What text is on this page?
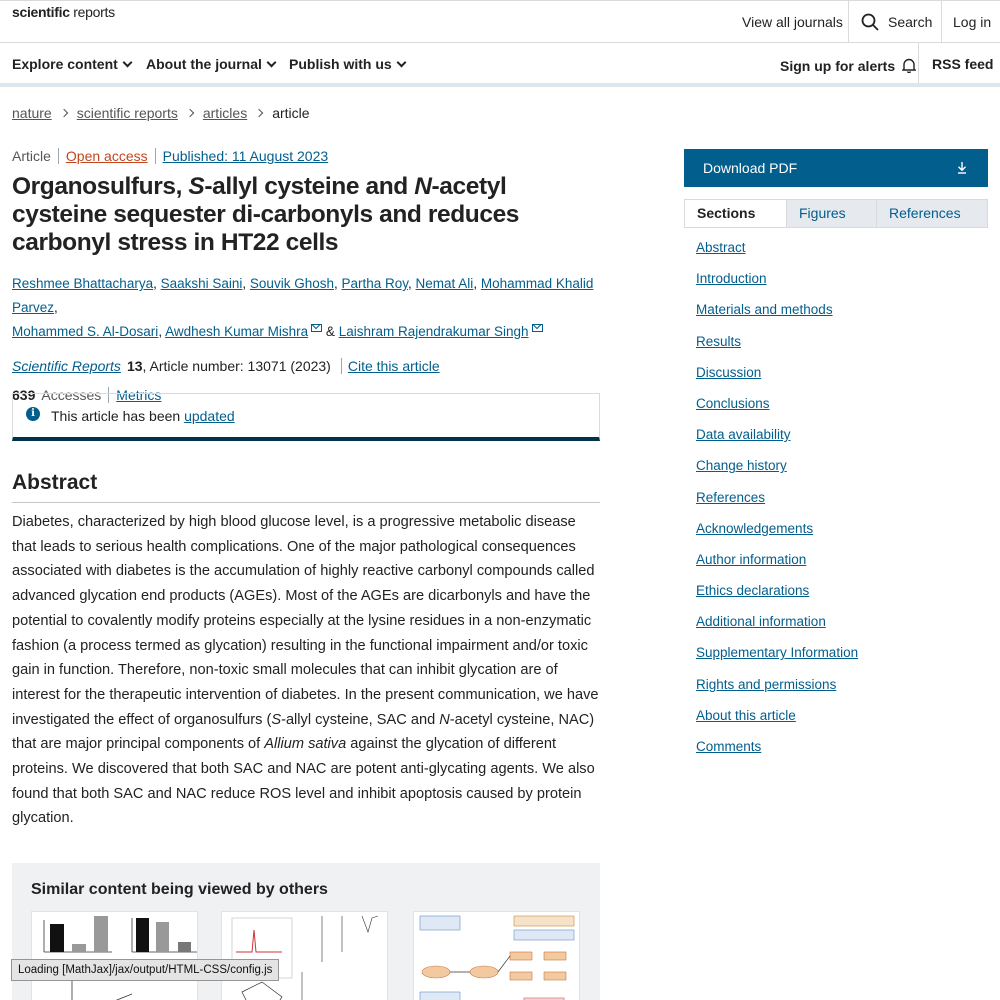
scientific reports
View all journals	Search Log in
Explore content	About the journal	Publish with us	Sign up for alerts	RSS feed
nature scientific reports articles article
Article Open access Published: 11 August 2023
Organosulfurs, S-allyl cysteine and N-acetyl cysteine sequester di-carbonyls and reduces carbonyl stress in HT22 cells
Reshmee Bhattacharya, Saakshi Saini, Souvik Ghosh, Partha Roy, Nemat Ali, Mohammad Khalid Parvez,
Mohammed S. Al-Dosari, Awdhesh Kumar Mishra & Laishram Rajendrakumar Singh
Scientific Reports 13 , Article number: 13071 (2023) Cite this article
639 Accesses Metrics
i	This article has been updated
Abstract

Diabetes, characterized by high blood glucose level, is a progressive metabolic disease that leads to serious health complications. One of the major pathological consequences associated with diabetes is the accumulation of highly reactive carbonyl compounds called advanced glycation end products (AGEs). Most of the AGEs are dicarbonyls and have the potential to covalently modify proteins especially at the lysine residues in a non-enzymatic fashion (a process termed as glycation) resulting in the functional impairment and/or toxic gain in function. Therefore, non-toxic small molecules that can inhibit glycation are of interest for the therapeutic intervention of diabetes. In the present communication, we have investigated the effect of organosulfurs (S-allyl cysteine, SAC and N-acetyl cysteine, NAC) that are major principal components of Allium sativa against the glycation of different proteins. We discovered that both SAC and NAC are potent anti-glycating agents. We also found that both SAC and NAC reduce ROS level and inhibit apoptosis caused by protein glycation.

Similar content being viewed by others
Loading [MathJax]/jax/output/HTML-CSS/config.js
Download PDF
Sections	Figures	References
Abstract
Introduction
Materials and methods
Results
Discussion
Conclusions
Data availability
Change history
References
Acknowledgements
Author information
Ethics declarations
Additional information
Supplementary Information
Rights and permissions
About this article
Comments
